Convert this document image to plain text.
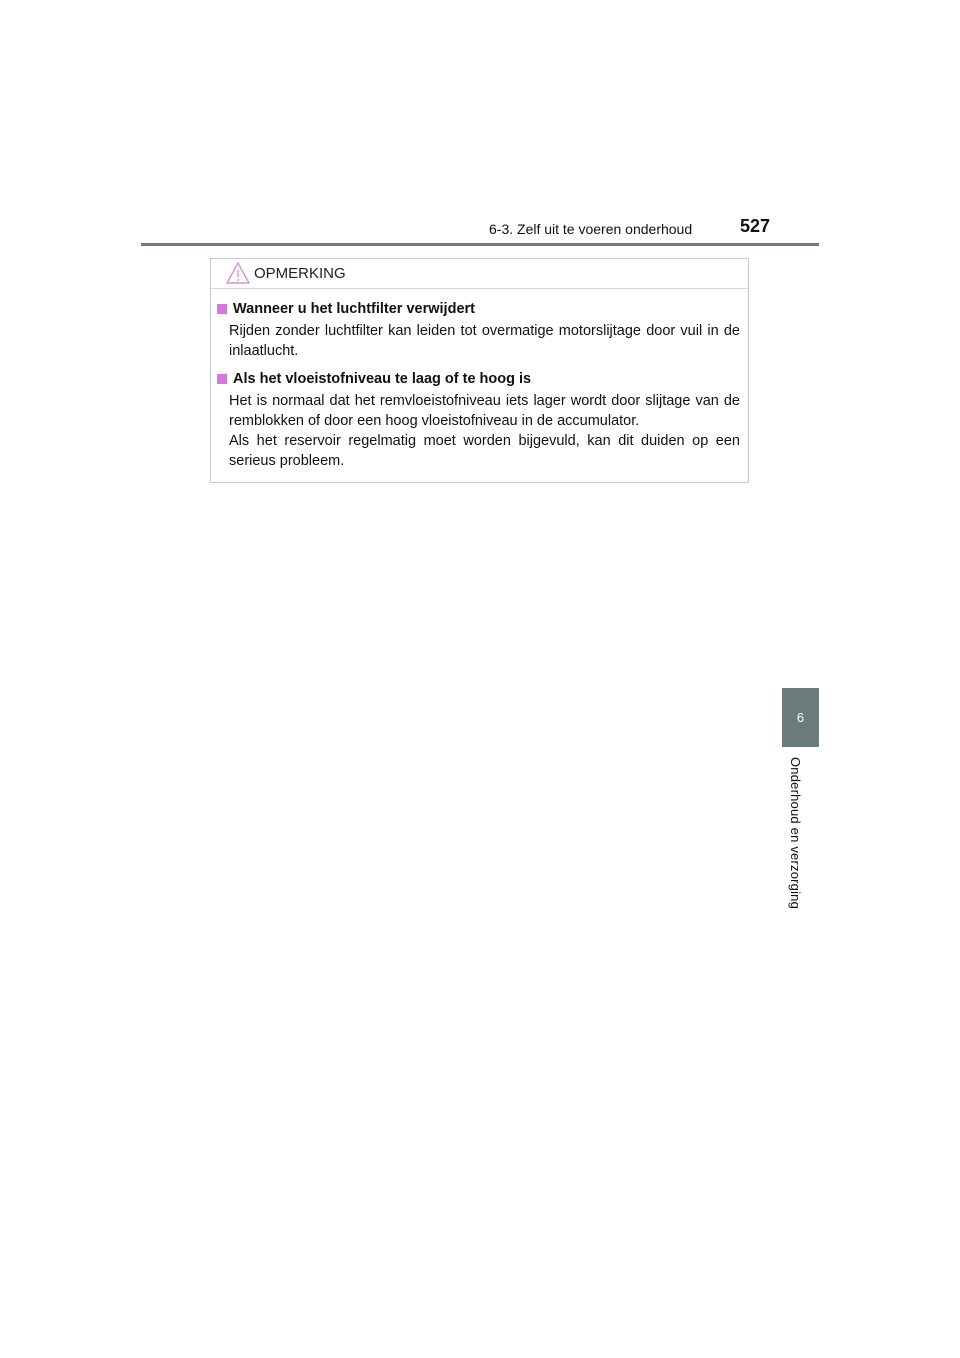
6-3. Zelf uit te voeren onderhoud	527
OPMERKING
Wanneer u het luchtfilter verwijdert

Rijden zonder luchtfilter kan leiden tot overmatige motorslijtage door vuil in de inlaatlucht.

Als het vloeistofniveau te laag of te hoog is

Het is normaal dat het remvloeistofniveau iets lager wordt door slijtage van de remblokken of door een hoog vloeistofniveau in de accumulator.

Als het reservoir regelmatig moet worden bijgevuld, kan dit duiden op een serieus probleem.

6
Onderhoud en verzorging
